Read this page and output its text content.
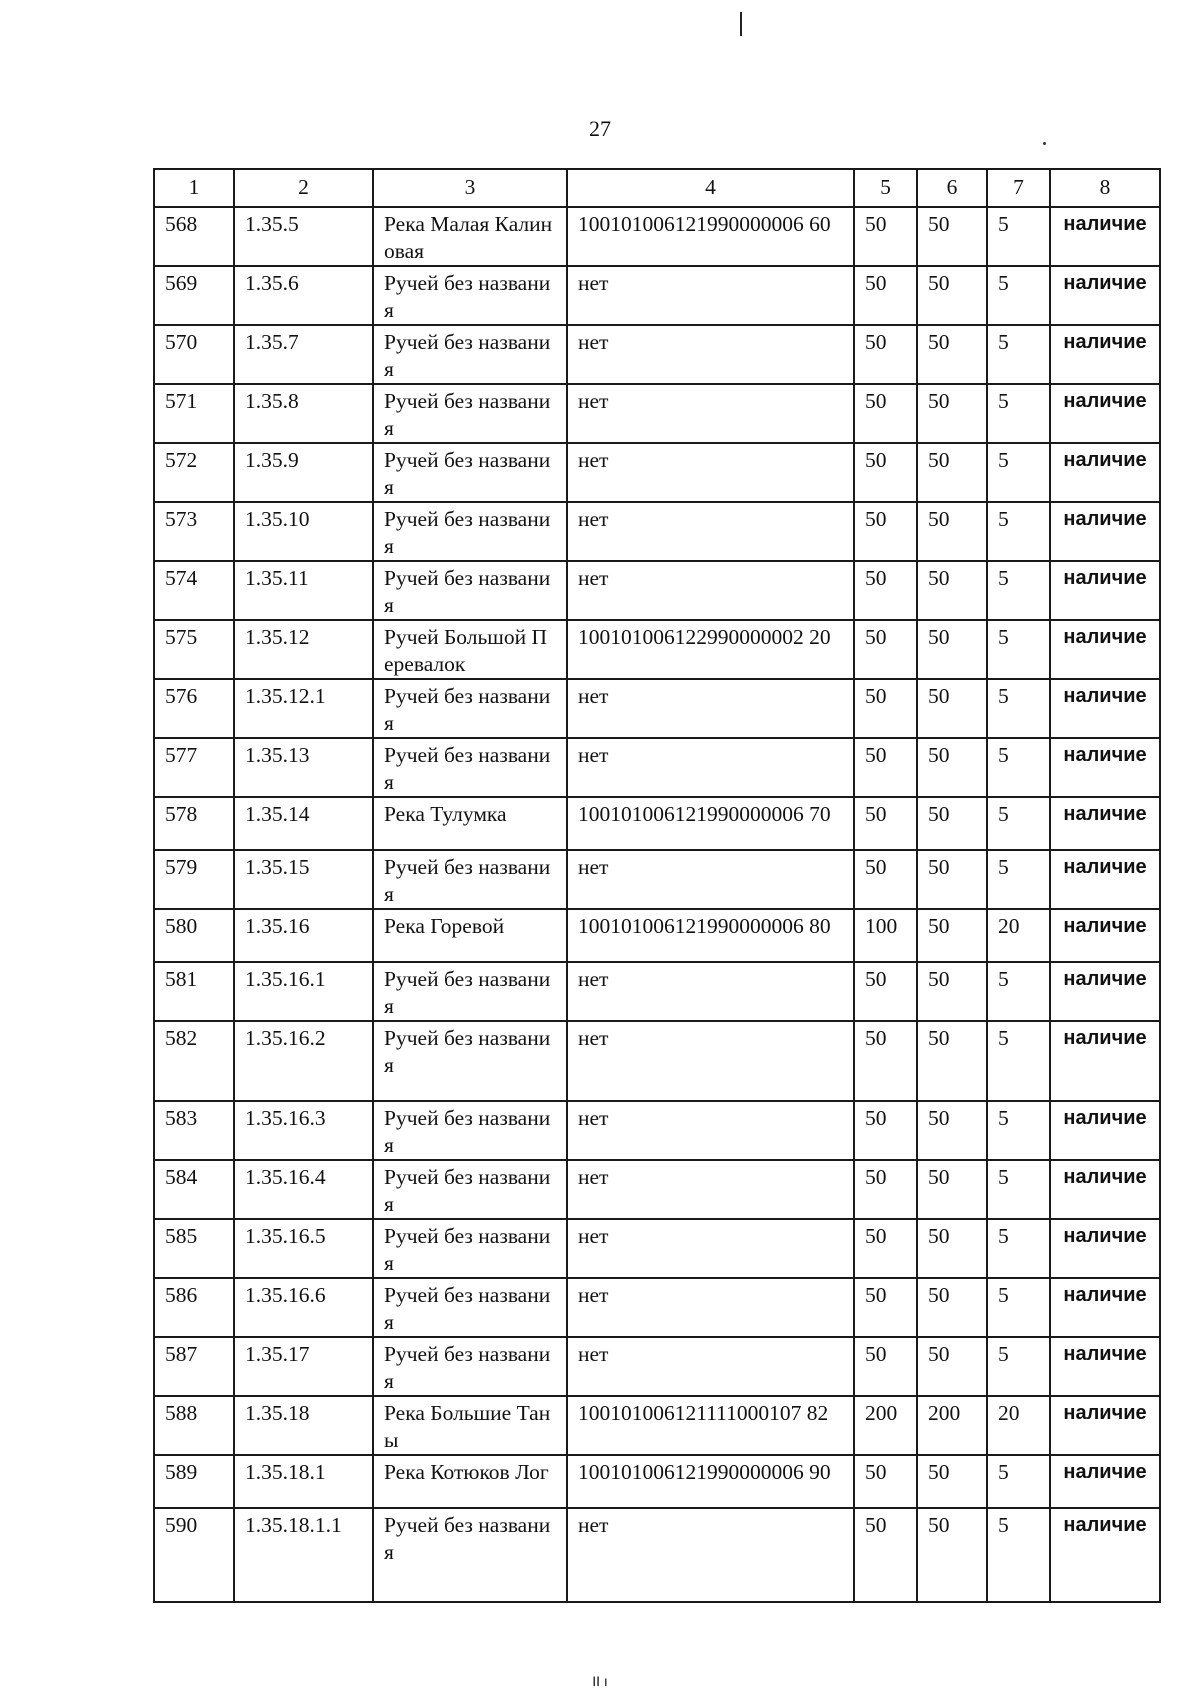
27
1	2	3	4	5	6	7	8
568	1.35.5	Река Малая Калиновая	100101006121990000006 60	50	50	5	наличие
569	1.35.6	Ручей без названия	нет	50	50	5	наличие
570	1.35.7	Ручей без названия	нет	50	50	5	наличие
571	1.35.8	Ручей без названия	нет	50	50	5	наличие
572	1.35.9	Ручей без названия	нет	50	50	5	наличие
573	1.35.10	Ручей без названия	нет	50	50	5	наличие
574	1.35.11	Ручей без названия	нет	50	50	5	наличие
575	1.35.12	Ручей Большой Перевалок	100101006122990000002 20	50	50	5	наличие
576	1.35.12.1	Ручей без названия	нет	50	50	5	наличие
577	1.35.13	Ручей без названия	нет	50	50	5	наличие
578	1.35.14	Река Тулумка	100101006121990000006 70	50	50	5	наличие
579	1.35.15	Ручей без названия	нет	50	50	5	наличие
580	1.35.16	Река Горевой	100101006121990000006 80	100	50	20	наличие
581	1.35.16.1	Ручей без названия	нет	50	50	5	наличие
582	1.35.16.2	Ручей без названия	нет	50	50	5	наличие
583	1.35.16.3	Ручей без названия	нет	50	50	5	наличие
584	1.35.16.4	Ручей без названия	нет	50	50	5	наличие
585	1.35.16.5	Ручей без названия	нет	50	50	5	наличие
586	1.35.16.6	Ручей без названия	нет	50	50	5	наличие
587	1.35.17	Ручей без названия	нет	50	50	5	наличие
588	1.35.18	Река Большие Таны	100101006121111000107 82	200	200	20	наличие
589	1.35.18.1	Река Котюков Лог	100101006121990000006 90	50	50	5	наличие
590	1.35.18.1.1	Ручей без названия	нет	50	50	5	наличие
II ı
